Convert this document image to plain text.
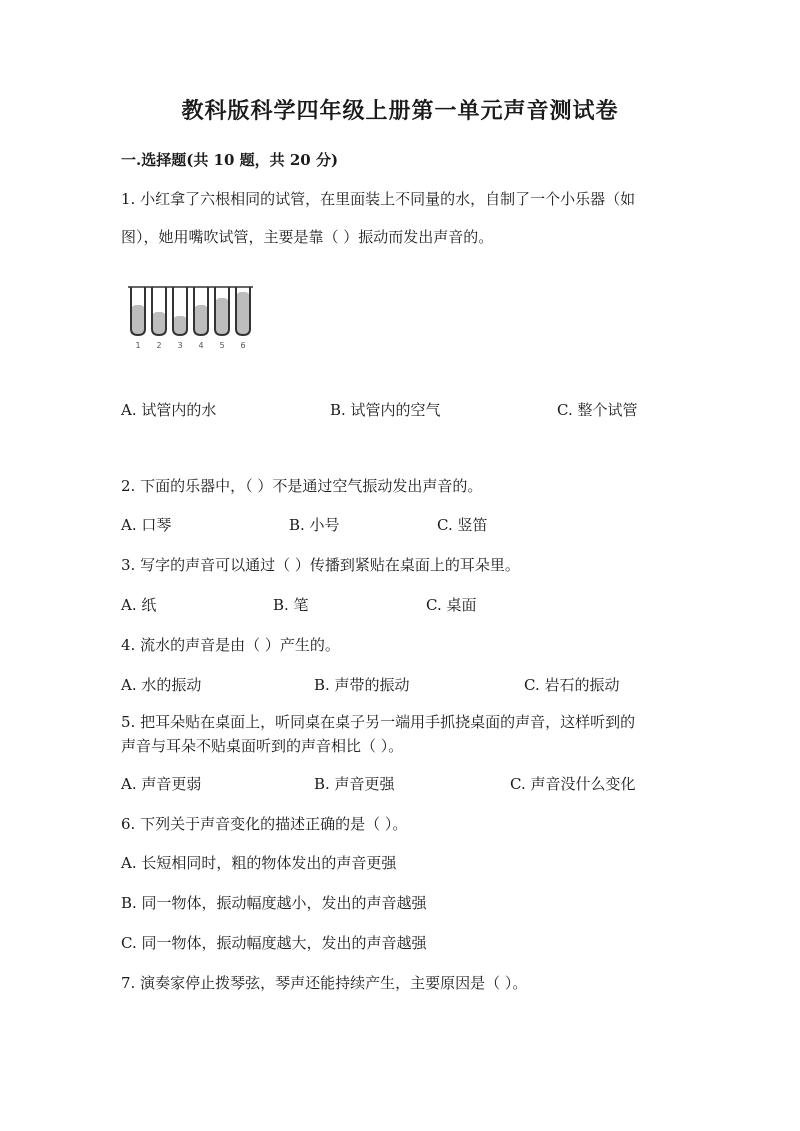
教科版科学四年级上册第一单元声音测试卷
一.选择题(共 10 题，共 20 分)
1. 小红拿了六根相同的试管，在里面装上不同量的水，自制了一个小乐器（如
图），她用嘴吹试管，主要是靠（ ）振动而发出声音的。
1 2 3 4 5 6
A. 试管内的水	B. 试管内的空气	C. 整个试管
2. 下面的乐器中，（ ）不是通过空气振动发出声音的。
A. 口琴	B. 小号	C. 竖笛
3. 写字的声音可以通过（ ）传播到紧贴在桌面上的耳朵里。
A. 纸	B. 笔	C. 桌面
4. 流水的声音是由（ ）产生的。
A. 水的振动	B. 声带的振动	C. 岩石的振动
5. 把耳朵贴在桌面上，听同桌在桌子另一端用手抓挠桌面的声音，这样听到的
声音与耳朵不贴桌面听到的声音相比（ ）。
A. 声音更弱	B. 声音更强	C. 声音没什么变化
6. 下列关于声音变化的描述正确的是（ ）。
A. 长短相同时，粗的物体发出的声音更强
B. 同一物体，振动幅度越小，发出的声音越强
C. 同一物体，振动幅度越大，发出的声音越强
7. 演奏家停止拨琴弦，琴声还能持续产生，主要原因是（ ）。
